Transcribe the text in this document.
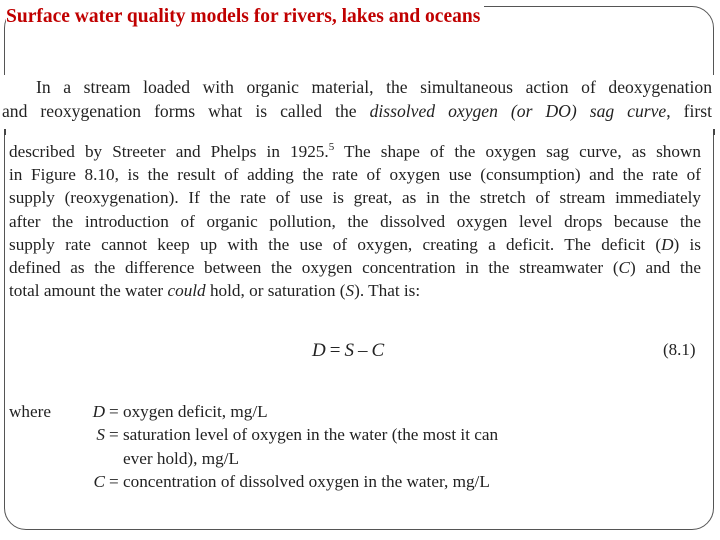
Surface water quality models for rivers, lakes and oceans
In a stream loaded with organic material, the simultaneous action of deoxygenation
and reoxygenation forms what is called the dissolved oxygen (or DO) sag curve, first
described by Streeter and Phelps in 1925.$^5$ The shape of the oxygen sag curve, as shown
in Figure 8.10, is the result of adding the rate of oxygen use (consumption) and the rate of
supply (reoxygenation). If the rate of use is great, as in the stretch of stream immediately
after the introduction of organic pollution, the dissolved oxygen level drops because the
supply rate cannot keep up with the use of oxygen, creating a deficit. The deficit (D) is
defined as the difference between the oxygen concentration in the streamwater (C) and the
total amount the water could hold, or saturation (S). That is:
D = S – C	(8.1)
where D = oxygen deficit, mg/L
S = saturation level of oxygen in the water (the most it can
ever hold), mg/L
C = concentration of dissolved oxygen in the water, mg/L
